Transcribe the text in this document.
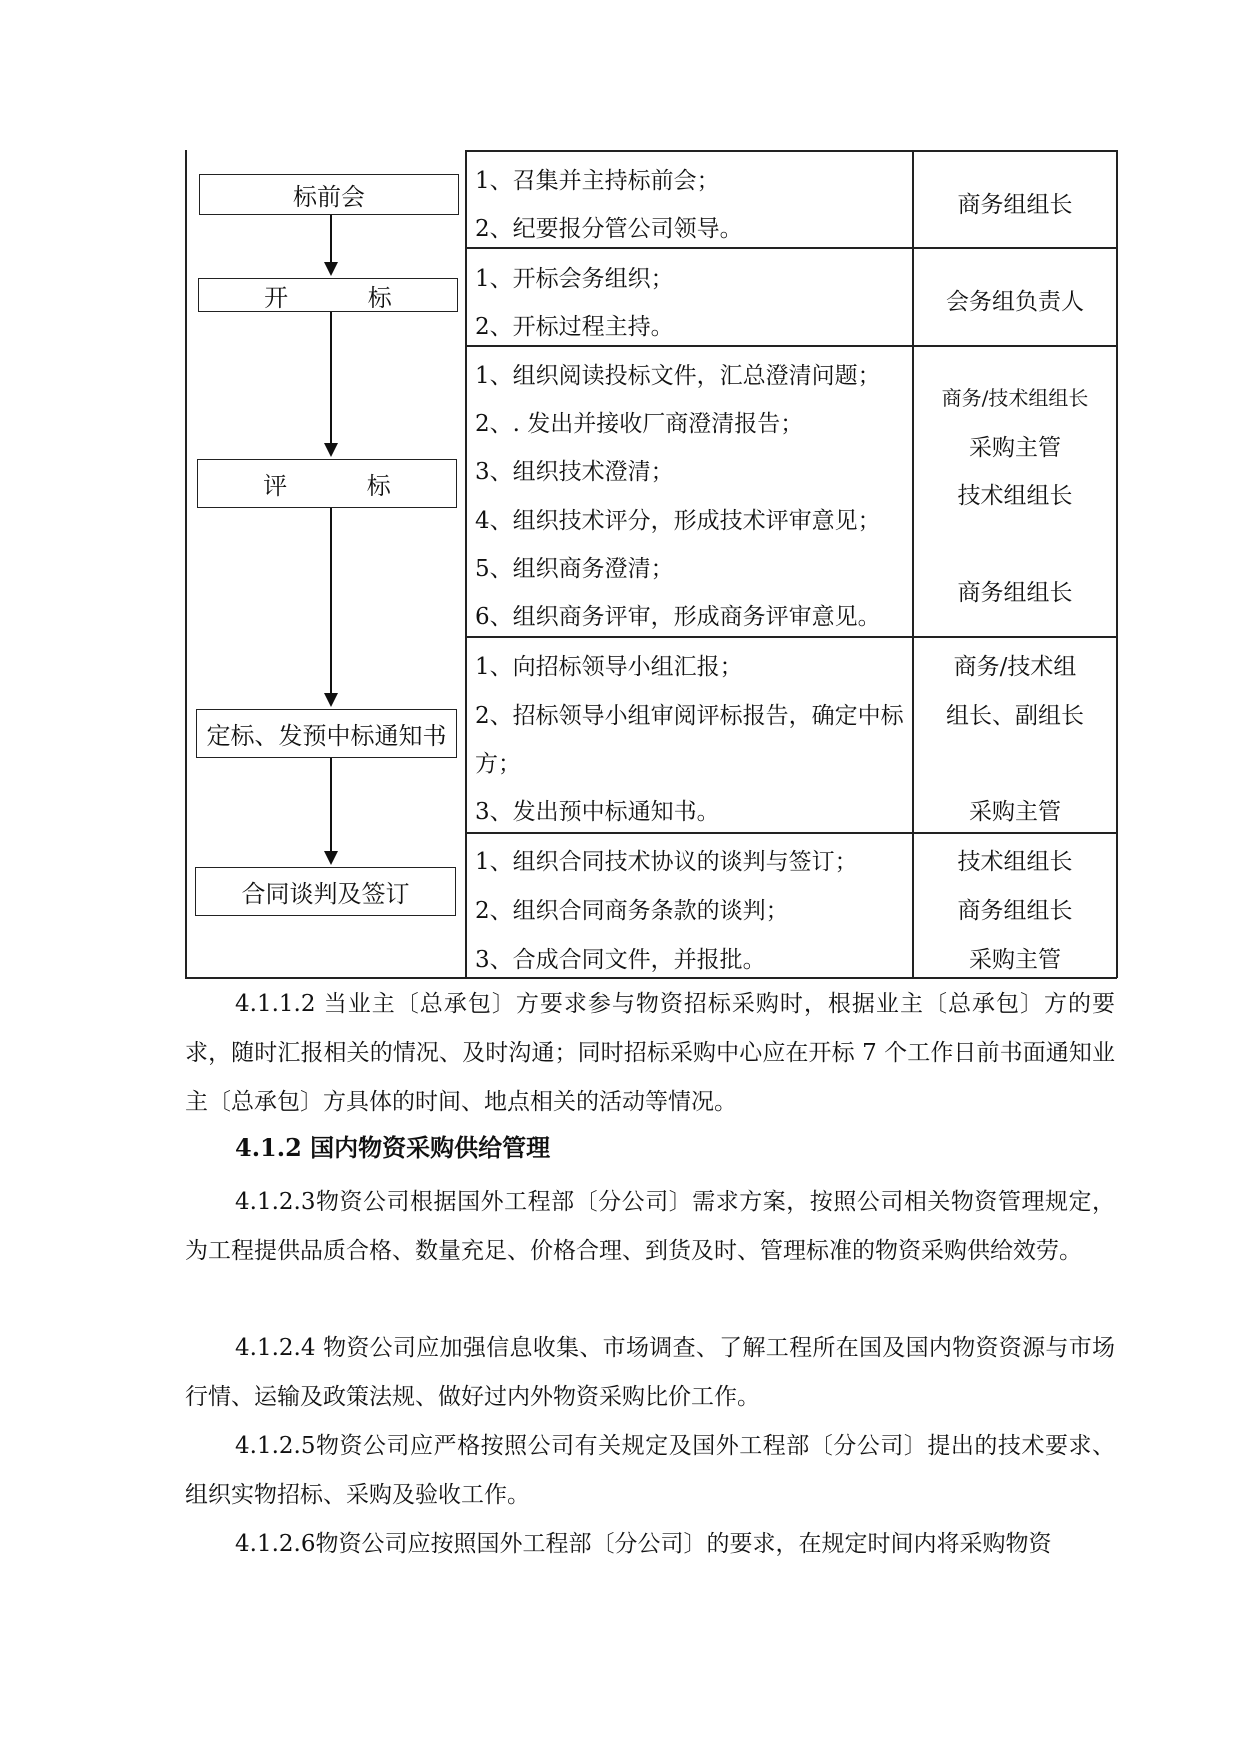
标前会
开 标
评 标
定标、发预中标通知书
合同谈判及签订
1、召集并主持标前会；
2、纪要报分管公司领导。
商务组组长
1、开标会务组织；
2、开标过程主持。
会务组负责人
1、组织阅读投标文件，汇总澄清问题；
2、. 发出并接收厂商澄清报告；
3、组织技术澄清；
4、组织技术评分，形成技术评审意见；
5、组织商务澄清；
6、组织商务评审，形成商务评审意见。
商务/技术组组长
采购主管
技术组组长
商务组组长
1、向招标领导小组汇报；
2、招标领导小组审阅评标报告，确定中标
方；
3、发出预中标通知书。
商务/技术组
组长、副组长
采购主管
1、组织合同技术协议的谈判与签订；
2、组织合同商务条款的谈判；
3、合成合同文件，并报批。
技术组组长
商务组组长
采购主管

4.1.1.2 当业主〔总承包〕方要求参与物资招标采购时，根据业主〔总承包〕方的要求，随时汇报相关的情况、及时沟通；同时招标采购中心应在开标 7 个工作日前书面通知业主〔总承包〕方具体的时间、地点相关的活动等情况。

4.1.2 国内物资采购供给管理

4.1.2.3物资公司根据国外工程部〔分公司〕需求方案，按照公司相关物资管理规定，为工程提供品质合格、数量充足、价格合理、到货及时、管理标准的物资采购供给效劳。

4.1.2.4 物资公司应加强信息收集、市场调查、了解工程所在国及国内物资资源与市场行情、运输及政策法规、做好过内外物资采购比价工作。

4.1.2.5物资公司应严格按照公司有关规定及国外工程部〔分公司〕提出的技术要求、组织实物招标、采购及验收工作。

4.1.2.6物资公司应按照国外工程部〔分公司〕的要求，在规定时间内将采购物资
